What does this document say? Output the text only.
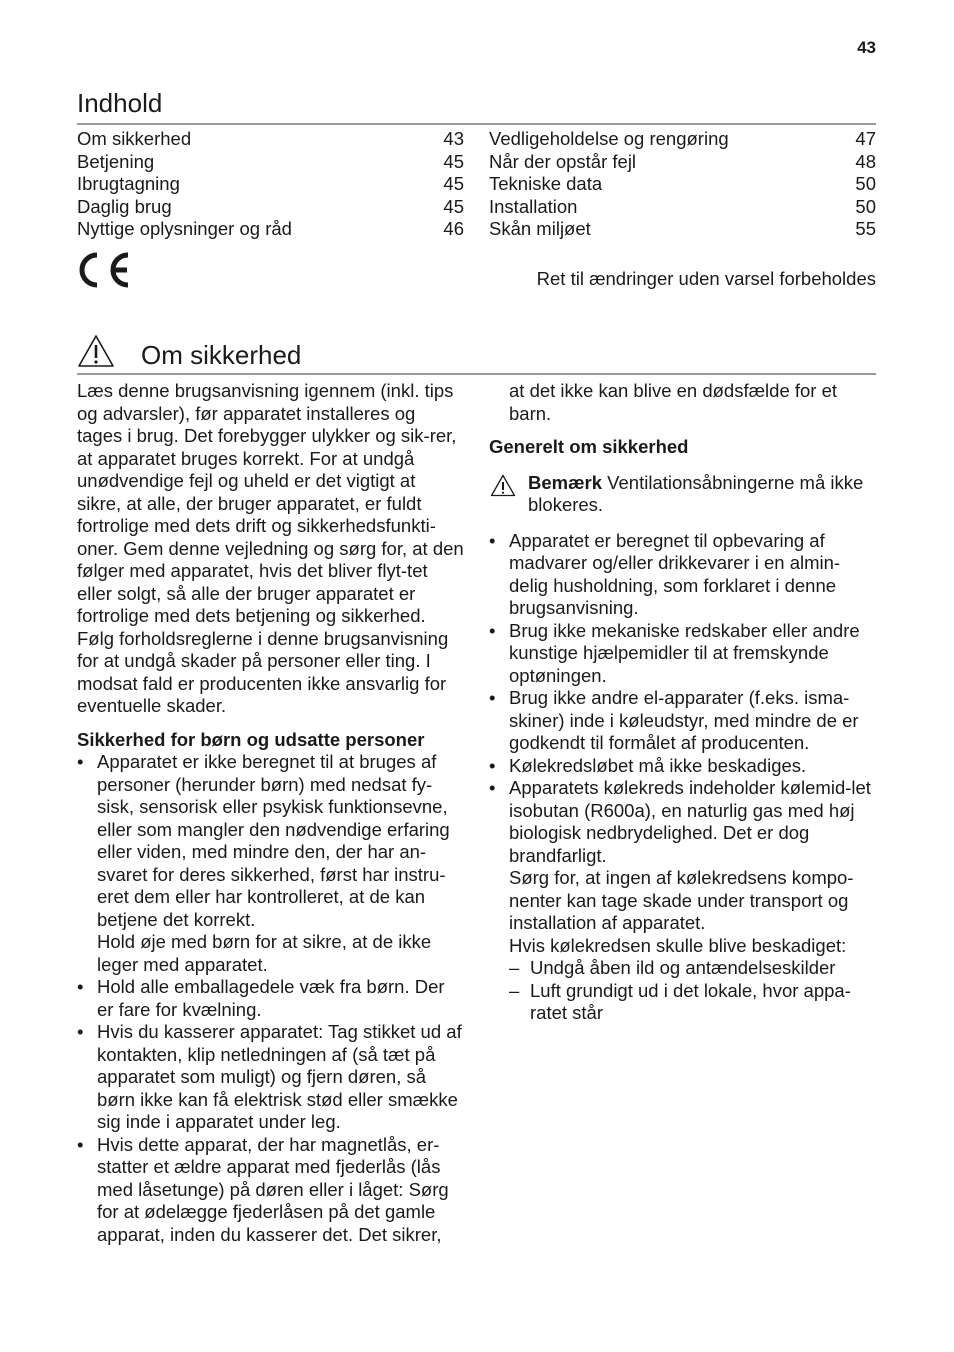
43
Indhold
Om sikkerhed	43
Betjening	45
Ibrugtagning	45
Daglig brug	45
Nyttige oplysninger og råd	46
Vedligeholdelse og rengøring	47
Når der opstår fejl	48
Tekniske data	50
Installation	50
Skån miljøet	55
Ret til ændringer uden varsel forbeholdes
Om sikkerhed

Læs denne brugsanvisning igennem (inkl. tips og advarsler), før apparatet installeres og tages i brug. Det forebygger ulykker og sik-rer, at apparatet bruges korrekt. For at undgå unødvendige fejl og uheld er det vigtigt at sikre, at alle, der bruger apparatet, er fuldt fortrolige med dets drift og sikkerhedsfunkti-oner. Gem denne vejledning og sørg for, at den følger med apparatet, hvis det bliver flyt-tet eller solgt, så alle der bruger apparatet er fortrolige med dets betjening og sikkerhed. Følg forholdsreglerne i denne brugsanvisning for at undgå skader på personer eller ting. I modsat fald er producenten ikke ansvarlig for eventuelle skader.

Sikkerhed for børn og udsatte personer

• Apparatet er ikke beregnet til at bruges af personer (herunder børn) med nedsat fy-sisk, sensorisk eller psykisk funktionsevne, eller som mangler den nødvendige erfaring eller viden, med mindre den, der har an-svaret for deres sikkerhed, først har instru-eret dem eller har kontrolleret, at de kan betjene det korrekt.
Hold øje med børn for at sikre, at de ikke leger med apparatet.
• Hold alle emballagedele væk fra børn. Der er fare for kvælning.
• Hvis du kasserer apparatet: Tag stikket ud af kontakten, klip netledningen af (så tæt på apparatet som muligt) og fjern døren, så børn ikke kan få elektrisk stød eller smække sig inde i apparatet under leg.
• Hvis dette apparat, der har magnetlås, er-statter et ældre apparat med fjederlås (lås med låsetunge) på døren eller i låget: Sørg for at ødelægge fjederlåsen på det gamle apparat, inden du kasserer det. Det sikrer,

at det ikke kan blive en dødsfælde for et barn.

Generelt om sikkerhed

Bemærk Ventilationsåbningerne må ikke blokeres.
• Apparatet er beregnet til opbevaring af madvarer og/eller drikkevarer i en almin-delig husholdning, som forklaret i denne brugsanvisning.
• Brug ikke mekaniske redskaber eller andre kunstige hjælpemidler til at fremskynde optøningen.
• Brug ikke andre el-apparater (f.eks. isma-skiner) inde i køleudstyr, med mindre de er godkendt til formålet af producenten.
• Kølekredsløbet må ikke beskadiges.
• Apparatets kølekreds indeholder kølemid-let isobutan (R600a), en naturlig gas med høj biologisk nedbrydelighed. Det er dog brandfarligt.
Sørg for, at ingen af kølekredsens kompo-nenter kan tage skade under transport og installation af apparatet.
Hvis kølekredsen skulle blive beskadiget:
– Undgå åben ild og antændelseskilder
– Luft grundigt ud i det lokale, hvor appa-ratet står
